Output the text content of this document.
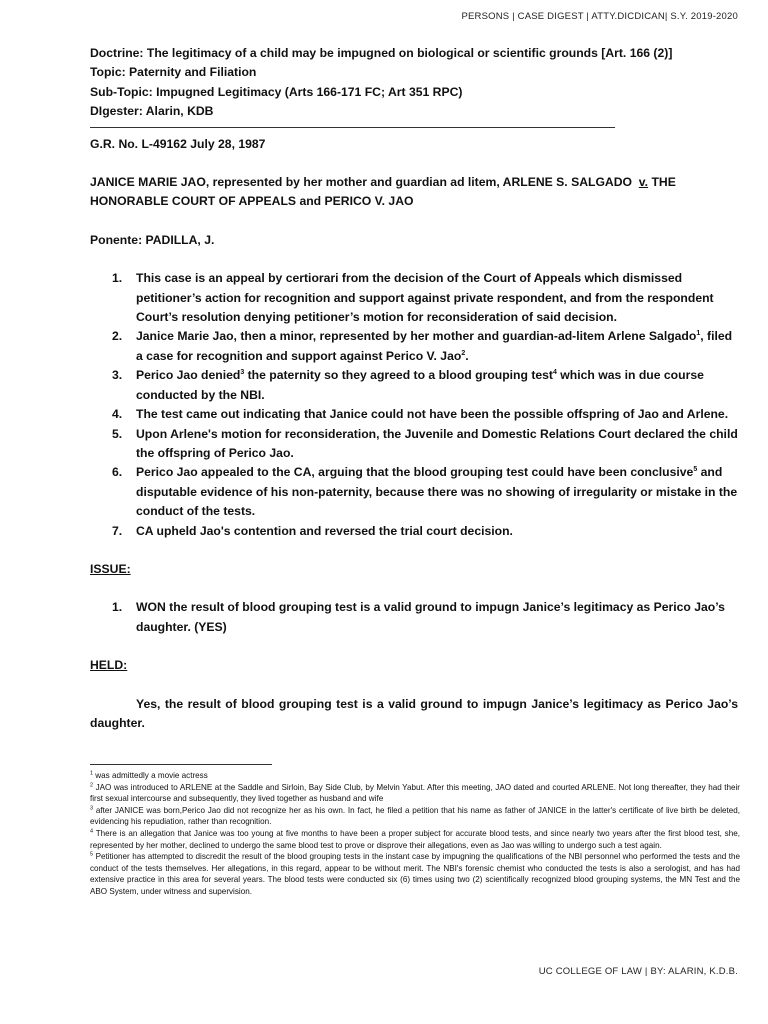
PERSONS | CASE DIGEST | ATTY.DICDICAN| S.Y. 2019-2020

Doctrine: The legitimacy of a child may be impugned on biological or scientific grounds [Art. 166 (2)]

Topic: Paternity and Filiation

Sub-Topic: Impugned Legitimacy (Arts 166-171 FC; Art 351 RPC)

DIgester: Alarin, KDB

G.R. No. L-49162 July 28, 1987

JANICE MARIE JAO, represented by her mother and guardian ad litem, ARLENE S. SALGADO v. THE HONORABLE COURT OF APPEALS and PERICO V. JAO

Ponente: PADILLA, J.

1. This case is an appeal by certiorari from the decision of the Court of Appeals which dismissed petitioner’s action for recognition and support against private respondent, and from the respondent Court’s resolution denying petitioner’s motion for reconsideration of said decision.
2. Janice Marie Jao, then a minor, represented by her mother and guardian-ad-litem Arlene Salgado$^1$, filed a case for recognition and support against Perico V. Jao$^2$.
3. Perico Jao denied$^3$ the paternity so they agreed to a blood grouping test$^4$ which was in due course conducted by the NBI.
4. The test came out indicating that Janice could not have been the possible offspring of Jao and Arlene.
5. Upon Arlene's motion for reconsideration, the Juvenile and Domestic Relations Court declared the child the offspring of Perico Jao.
6. Perico Jao appealed to the CA, arguing that the blood grouping test could have been conclusive$^5$ and disputable evidence of his non-paternity, because there was no showing of irregularity or mistake in the conduct of the tests.
7. CA upheld Jao's contention and reversed the trial court decision.

ISSUE:

1. WON the result of blood grouping test is a valid ground to impugn Janice’s legitimacy as Perico Jao’s daughter. (YES)

HELD:

Yes, the result of blood grouping test is a valid ground to impugn Janice’s legitimacy as Perico Jao’s daughter.

$^1$ was admittedly a movie actress

$^2$ JAO was introduced to ARLENE at the Saddle and Sirloin, Bay Side Club, by Melvin Yabut. After this meeting, JAO dated and courted ARLENE. Not long thereafter, they had their first sexual intercourse and subsequently, they lived together as husband and wife

$^3$ after JANICE was born,Perico Jao did not recognize her as his own. In fact, he filed a petition that his name as father of JANICE in the latter's certificate of live birth be deleted, evidencing his repudiation, rather than recognition.

$^4$ There is an allegation that Janice was too young at five months to have been a proper subject for accurate blood tests, and since nearly two years after the first blood test, she, represented by her mother, declined to undergo the same blood test to prove or disprove their allegations, even as Jao was willing to undergo such a test again.

$^5$ Petitioner has attempted to discredit the result of the blood grouping tests in the instant case by impugning the qualifications of the NBI personnel who performed the tests and the conduct of the tests themselves. Her allegations, in this regard, appear to be without merit. The NBI's forensic chemist who conducted the tests is also a serologist, and has had extensive practice in this area for several years. The blood tests were conducted six (6) times using two (2) scientifically recognized blood grouping systems, the MN Test and the ABO System, under witness and supervision.

UC COLLEGE OF LAW | BY: ALARIN, K.D.B.
